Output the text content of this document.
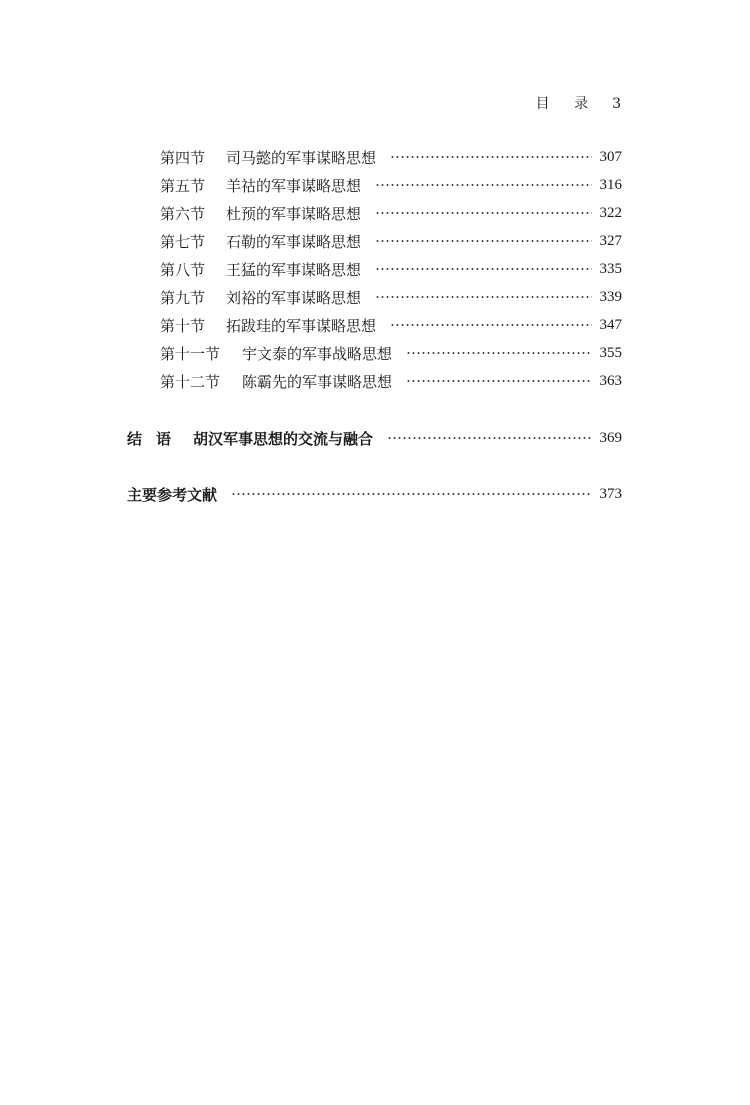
目 录 3
第四节	司马懿的军事谋略思想	307
第五节	羊祜的军事谋略思想	316
第六节	杜预的军事谋略思想	322
第七节	石勒的军事谋略思想	327
第八节	王猛的军事谋略思想	335
第九节	刘裕的军事谋略思想	339
第十节	拓跋珪的军事谋略思想	347
第十一节	宇文泰的军事战略思想	355
第十二节	陈霸先的军事谋略思想	363
结语 胡汉军事思想的交流与融合	369
主要参考文献	373
